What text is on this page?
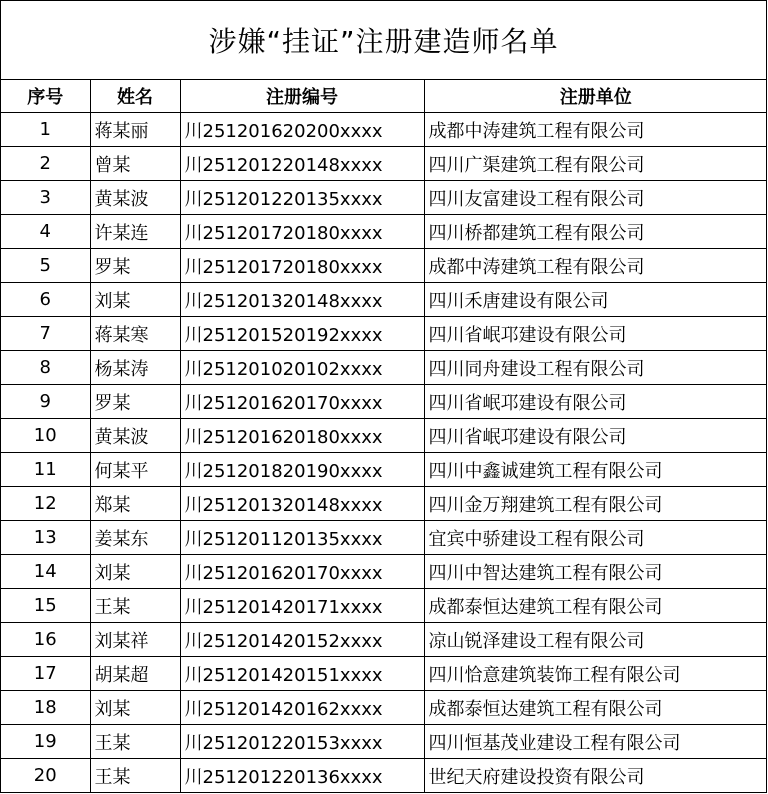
涉嫌“挂证”注册建造师名单
序号	姓名	注册编号	注册单位
1	蒋某丽	川251201620200xxxx	成都中涛建筑工程有限公司
2	曾某	川251201220148xxxx	四川广渠建筑工程有限公司
3	黄某波	川251201220135xxxx	四川友富建设工程有限公司
4	许某连	川251201720180xxxx	四川桥都建筑工程有限公司
5	罗某	川251201720180xxxx	成都中涛建筑工程有限公司
6	刘某	川251201320148xxxx	四川禾唐建设有限公司
7	蒋某寒	川251201520192xxxx	四川省岷邛建设有限公司
8	杨某涛	川251201020102xxxx	四川同舟建设工程有限公司
9	罗某	川251201620170xxxx	四川省岷邛建设有限公司
10	黄某波	川251201620180xxxx	四川省岷邛建设有限公司
11	何某平	川251201820190xxxx	四川中鑫诚建筑工程有限公司
12	郑某	川251201320148xxxx	四川金万翔建筑工程有限公司
13	姜某东	川251201120135xxxx	宜宾中骄建设工程有限公司
14	刘某	川251201620170xxxx	四川中智达建筑工程有限公司
15	王某	川251201420171xxxx	成都泰恒达建筑工程有限公司
16	刘某祥	川251201420152xxxx	凉山锐泽建设工程有限公司
17	胡某超	川251201420151xxxx	四川恰意建筑装饰工程有限公司
18	刘某	川251201420162xxxx	成都泰恒达建筑工程有限公司
19	王某	川251201220153xxxx	四川恒基茂业建设工程有限公司
20	王某	川251201220136xxxx	世纪天府建设投资有限公司
